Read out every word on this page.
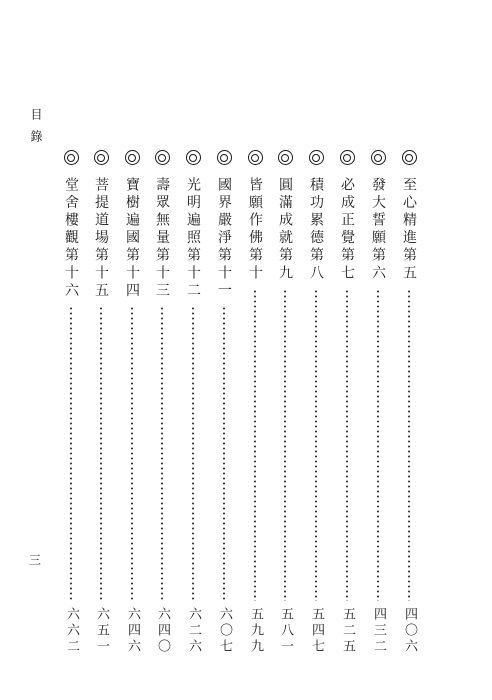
目錄
至心精進第五
四〇六
發大誓願第六
四三二
必成正覺第七
五二五
積功累德第八
五四七
圓滿成就第九
五八一
皆願作佛第十
五九九
國界嚴淨第十一
六〇七
光明遍照第十二
六二六
壽眾無量第十三
六四〇
寶樹遍國第十四
六四六
菩提道場第十五
六五一
堂舍樓觀第十六
六六二
三
